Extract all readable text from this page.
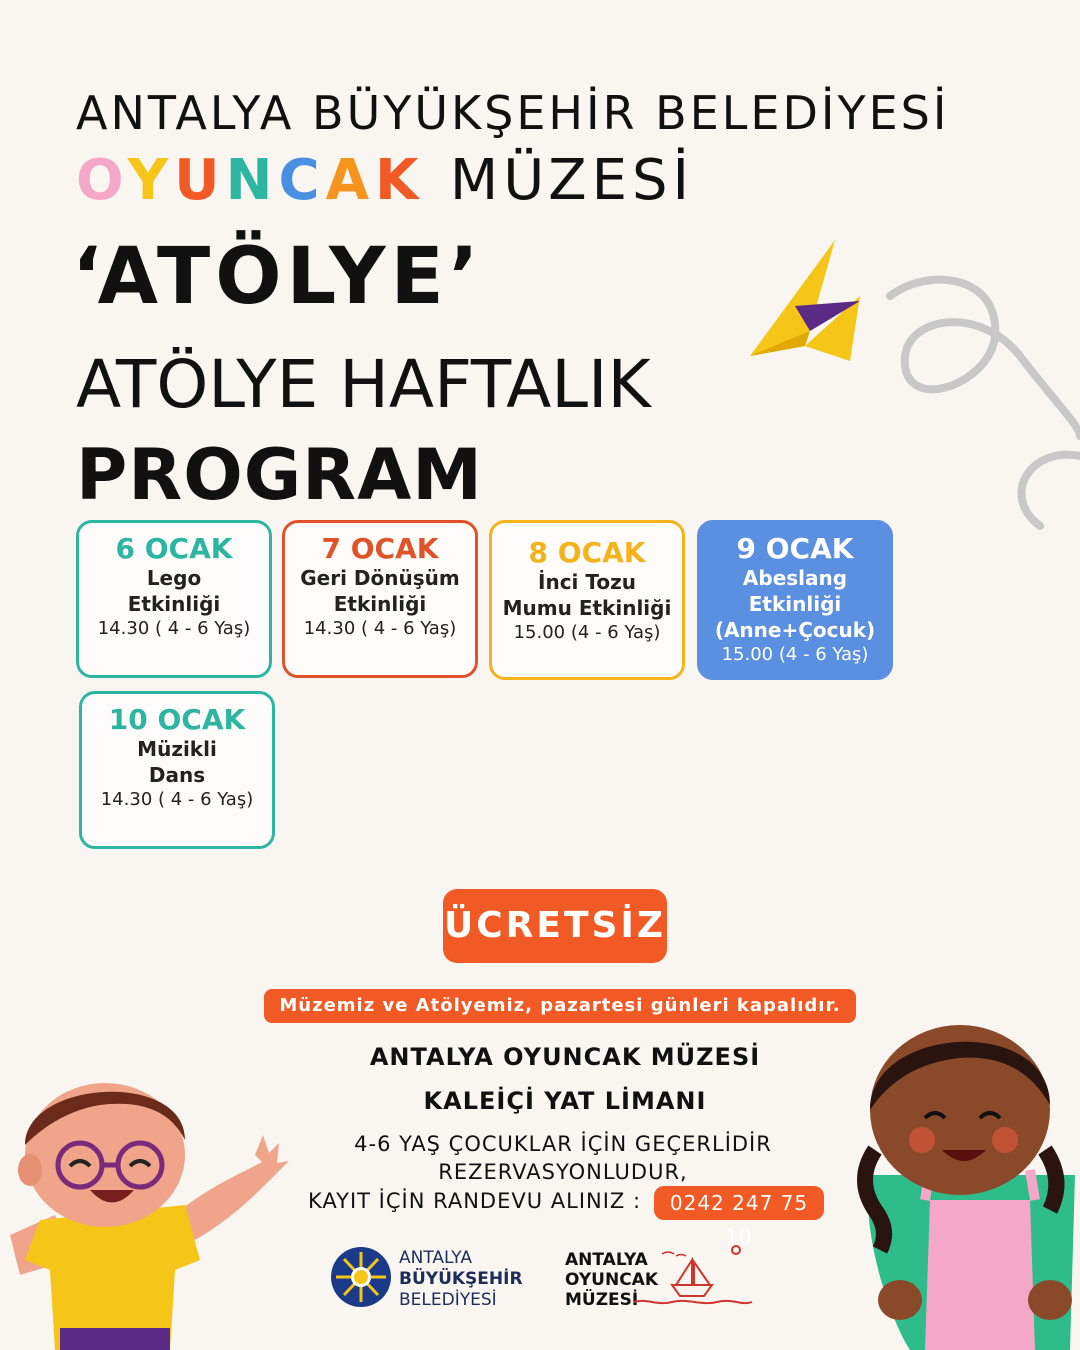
ANTALYA BÜYÜKŞEHİR BELEDİYESİ
OYUNCAK MÜZESİ
‘ATÖLYE’
ATÖLYE HAFTALIK
PROGRAM
6 OCAK
Lego
Etkinliği
14.30 ( 4 - 6 Yaş)
7 OCAK
Geri Dönüşüm
Etkinliği
14.30 ( 4 - 6 Yaş)
8 OCAK
İnci Tozu
Mumu Etkinliği
15.00 (4 - 6 Yaş)
9 OCAK
Abeslang
Etkinliği
(Anne+Çocuk)
15.00 (4 - 6 Yaş)
10 OCAK
Müzikli
Dans
14.30 ( 4 - 6 Yaş)
ÜCRETSİZ
Müzemiz ve Atölyemiz, pazartesi günleri kapalıdır.
ANTALYA OYUNCAK MÜZESİ
KALEİÇİ YAT LİMANI
4-6 YAŞ ÇOCUKLAR İÇİN GEÇERLİDİR
REZERVASYONLUDUR,
KAYIT İÇİN RANDEVU ALINIZ :	0242 247 75 10
ANTALYA
BÜYÜKŞEHİR
BELEDİYESİ
ANTALYA
OYUNCAK
MÜZESİ
